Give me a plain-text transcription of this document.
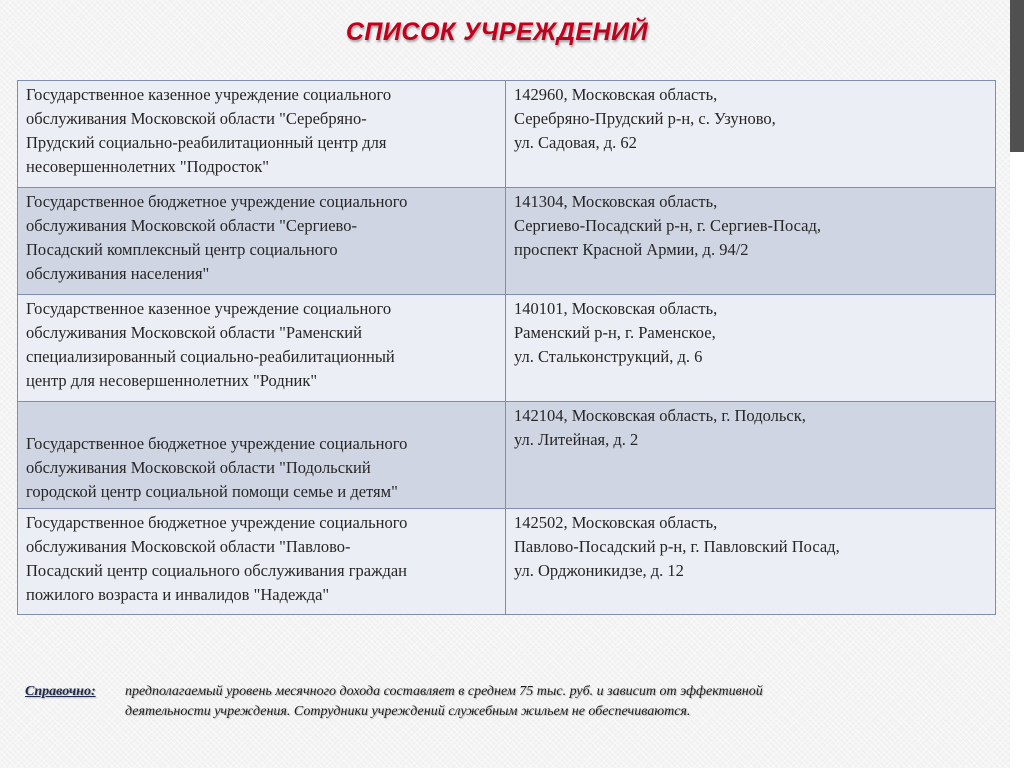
СПИСОК УЧРЕЖДЕНИЙ
Государственное казенное учреждение социального
обслуживания Московской области "Серебряно-
Прудский социально-реабилитационный центр для
несовершеннолетних "Подросток"	142960, Московская область,
Серебряно-Прудский р-н, с. Узуново,
ул. Садовая, д. 62

Государственное бюджетное учреждение социального
обслуживания Московской области "Сергиево-
Посадский комплексный центр социального
обслуживания населения"	141304, Московская область,
Сергиево-Посадский р-н, г. Сергиев-Посад,
проспект Красной Армии, д. 94/2

Государственное казенное учреждение социального
обслуживания Московской области "Раменский
специализированный социально-реабилитационный
центр для несовершеннолетних "Родник"	140101, Московская область,
Раменский р-н, г. Раменское,
ул. Стальконструкций, д. 6

Государственное бюджетное учреждение социального
обслуживания Московской области "Подольский
городской центр социальной помощи семье и детям"	142104, Московская область, г. Подольск,
ул. Литейная, д. 2

Государственное бюджетное учреждение социального
обслуживания Московской области "Павлово-
Посадский центр социального обслуживания граждан
пожилого возраста и инвалидов "Надежда"	142502, Московская область,
Павлово-Посадский р-н, г. Павловский Посад,
ул. Орджоникидзе, д. 12
Справочно: предполагаемый уровень месячного дохода составляет в среднем 75 тыс. руб. и зависит от эффективной
деятельности учреждения. Сотрудники учреждений служебным жильем не обеспечиваются.
